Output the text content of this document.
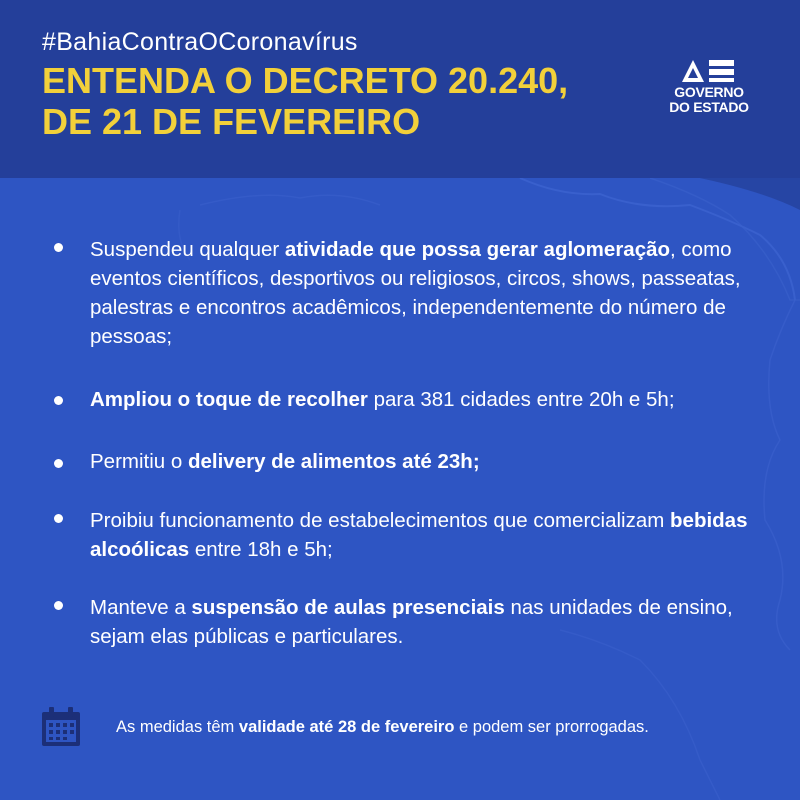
#BahiaContraOCoronavírus
ENTENDA O DECRETO 20.240,
DE 21 DE FEVEREIRO
GOVERNO
DO ESTADO
Suspendeu qualquer atividade que possa gerar aglomeração, como eventos científicos, desportivos ou religiosos, circos, shows, passeatas, palestras e encontros acadêmicos, independentemente do número de pessoas;
Ampliou o toque de recolher para 381 cidades entre 20h e 5h;
Permitiu o delivery de alimentos até 23h;
Proibiu funcionamento de estabelecimentos que comercializam bebidas alcoólicas entre 18h e 5h;
Manteve a suspensão de aulas presenciais nas unidades de ensino, sejam elas públicas e particulares.
As medidas têm validade até 28 de fevereiro e podem ser prorrogadas.
